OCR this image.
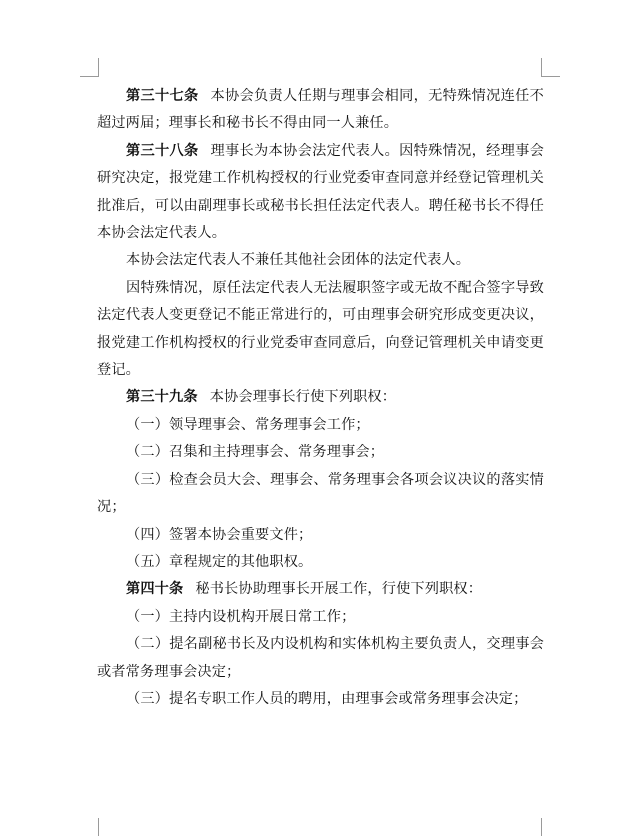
第三十七条 本协会负责人任期与理事会相同，无特殊情况连任不超过两届；理事长和秘书长不得由同一人兼任。

第三十八条 理事长为本协会法定代表人。因特殊情况，经理事会研究决定，报党建工作机构授权的行业党委审查同意并经登记管理机关批准后，可以由副理事长或秘书长担任法定代表人。聘任秘书长不得任本协会法定代表人。

本协会法定代表人不兼任其他社会团体的法定代表人。

因特殊情况，原任法定代表人无法履职签字或无故不配合签字导致法定代表人变更登记不能正常进行的，可由理事会研究形成变更决议，报党建工作机构授权的行业党委审查同意后，向登记管理机关申请变更登记。

第三十九条 本协会理事长行使下列职权：

（一）领导理事会、常务理事会工作；

（二）召集和主持理事会、常务理事会；

（三）检查会员大会、理事会、常务理事会各项会议决议的落实情况；

（四）签署本协会重要文件；

（五）章程规定的其他职权。

第四十条 秘书长协助理事长开展工作，行使下列职权：

（一）主持内设机构开展日常工作；

（二）提名副秘书长及内设机构和实体机构主要负责人，交理事会或者常务理事会决定；

（三）提名专职工作人员的聘用，由理事会或常务理事会决定；
